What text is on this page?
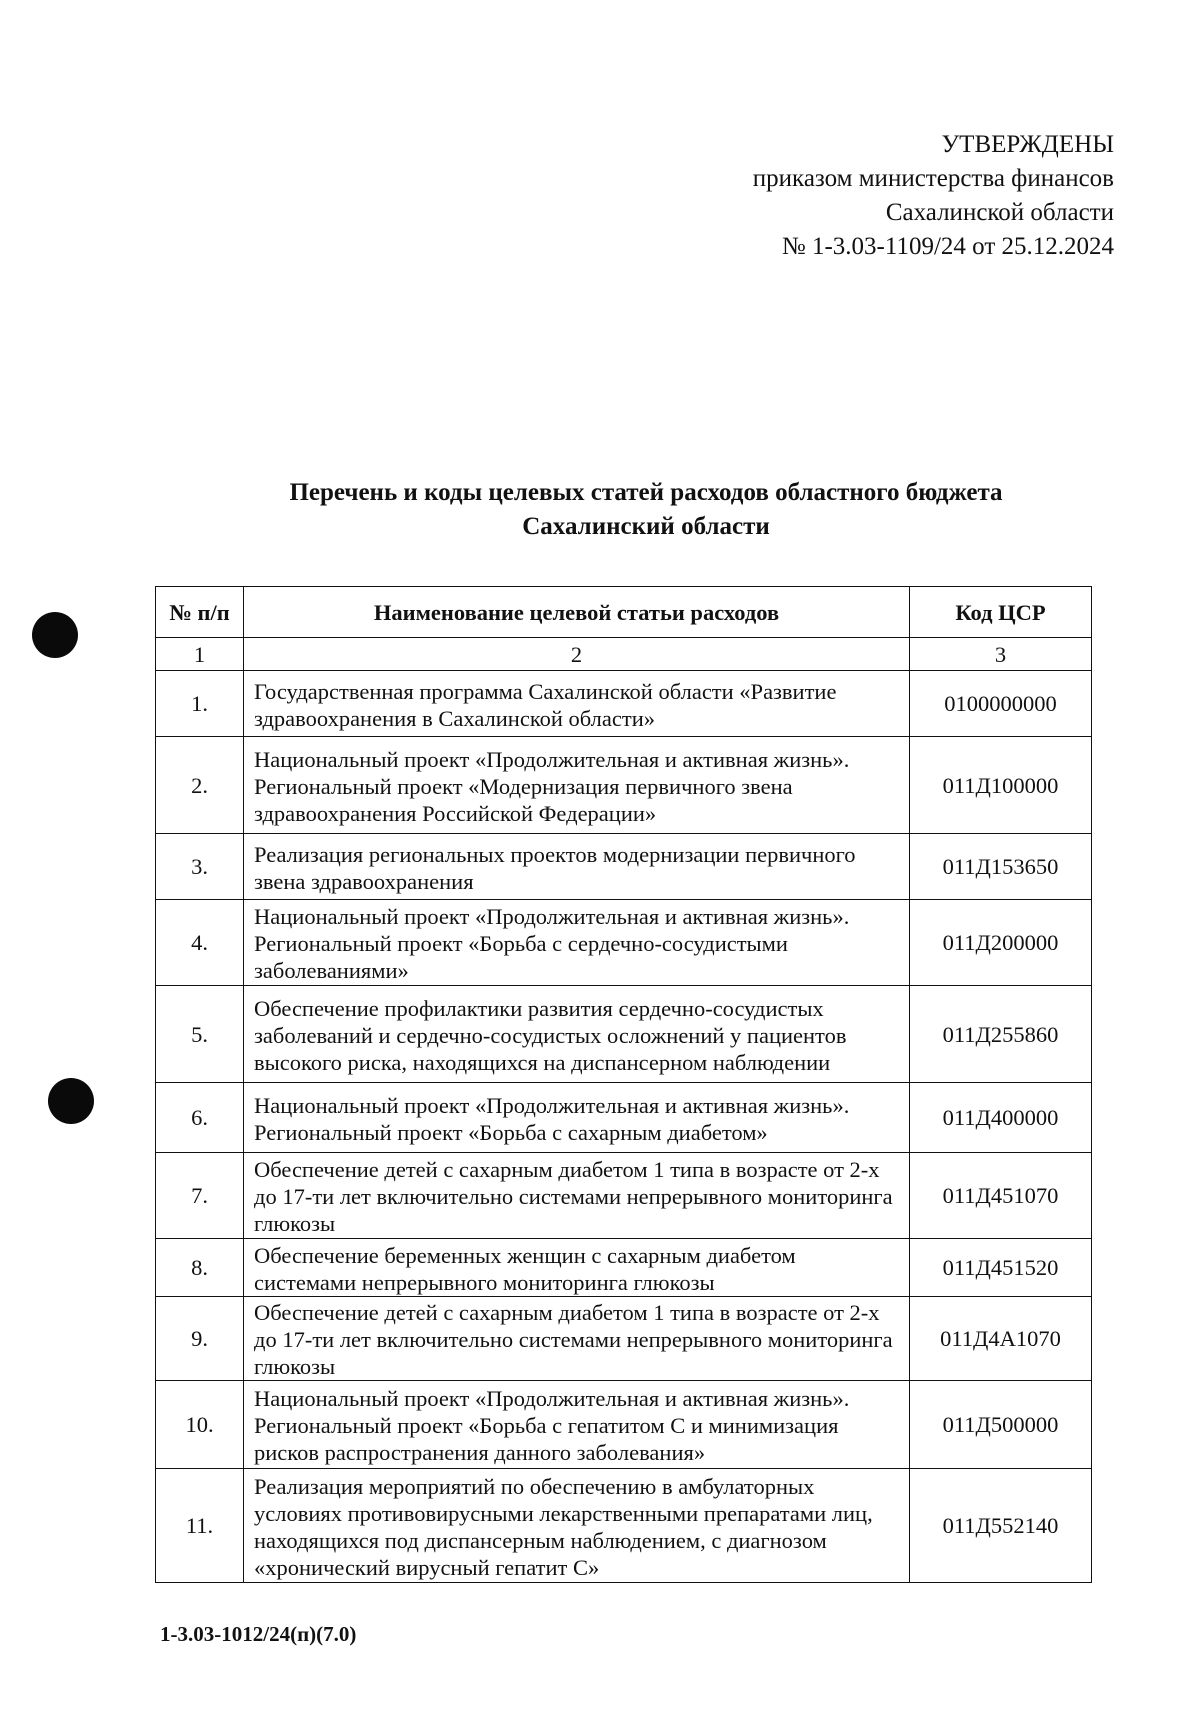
УТВЕРЖДЕНЫ
приказом министерства финансов
Сахалинской области
№ 1-3.03-1109/24 от 25.12.2024
Перечень и коды целевых статей расходов областного бюджета
Сахалинский области
№ п/п	Наименование целевой статьи расходов	Код ЦСР
1	2	3
1.	Государственная программа Сахалинской области «Развитие здравоохранения в Сахалинской области»	0100000000
2.	Национальный проект «Продолжительная и активная жизнь». Региональный проект «Модернизация первичного звена здравоохранения Российской Федерации»	011Д100000
3.	Реализация региональных проектов модернизации первичного звена здравоохранения	011Д153650
4.	Национальный проект «Продолжительная и активная жизнь». Региональный проект «Борьба с сердечно-сосудистыми заболеваниями»	011Д200000
5.	Обеспечение профилактики развития сердечно-сосудистых заболеваний и сердечно-сосудистых осложнений у пациентов высокого риска, находящихся на диспансерном наблюдении	011Д255860
6.	Национальный проект «Продолжительная и активная жизнь». Региональный проект «Борьба с сахарным диабетом»	011Д400000
7.	Обеспечение детей с сахарным диабетом 1 типа в возрасте от 2-х до 17-ти лет включительно системами непрерывного мониторинга глюкозы	011Д451070
8.	Обеспечение беременных женщин с сахарным диабетом системами непрерывного мониторинга глюкозы	011Д451520
9.	Обеспечение детей с сахарным диабетом 1 типа в возрасте от 2-х до 17-ти лет включительно системами непрерывного мониторинга глюкозы	011Д4А1070
10.	Национальный проект «Продолжительная и активная жизнь». Региональный проект «Борьба с гепатитом С и минимизация рисков распространения данного заболевания»	011Д500000
11.	Реализация мероприятий по обеспечению в амбулаторных условиях противовирусными лекарственными препаратами лиц, находящихся под диспансерным наблюдением, с диагнозом «хронический вирусный гепатит С»	011Д552140
1-3.03-1012/24(п)(7.0)
